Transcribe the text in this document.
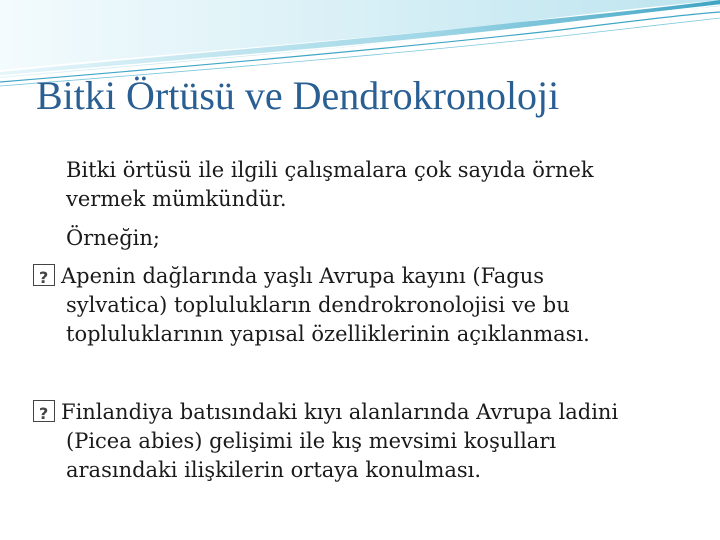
Bitki Örtüsü ve Dendrokronoloji
Bitki örtüsü ile ilgili çalışmalara çok sayıda örnek
vermek mümkündür.
Örneğin;
?Apenin dağlarında yaşlı Avrupa kayını (Fagus
sylvatica) toplulukların dendrokronolojisi ve bu
topluluklarının yapısal özelliklerinin açıklanması.
?Finlandiya batısındaki kıyı alanlarında Avrupa ladini
(Picea abies) gelişimi ile kış mevsimi koşulları
arasındaki ilişkilerin ortaya konulması.
